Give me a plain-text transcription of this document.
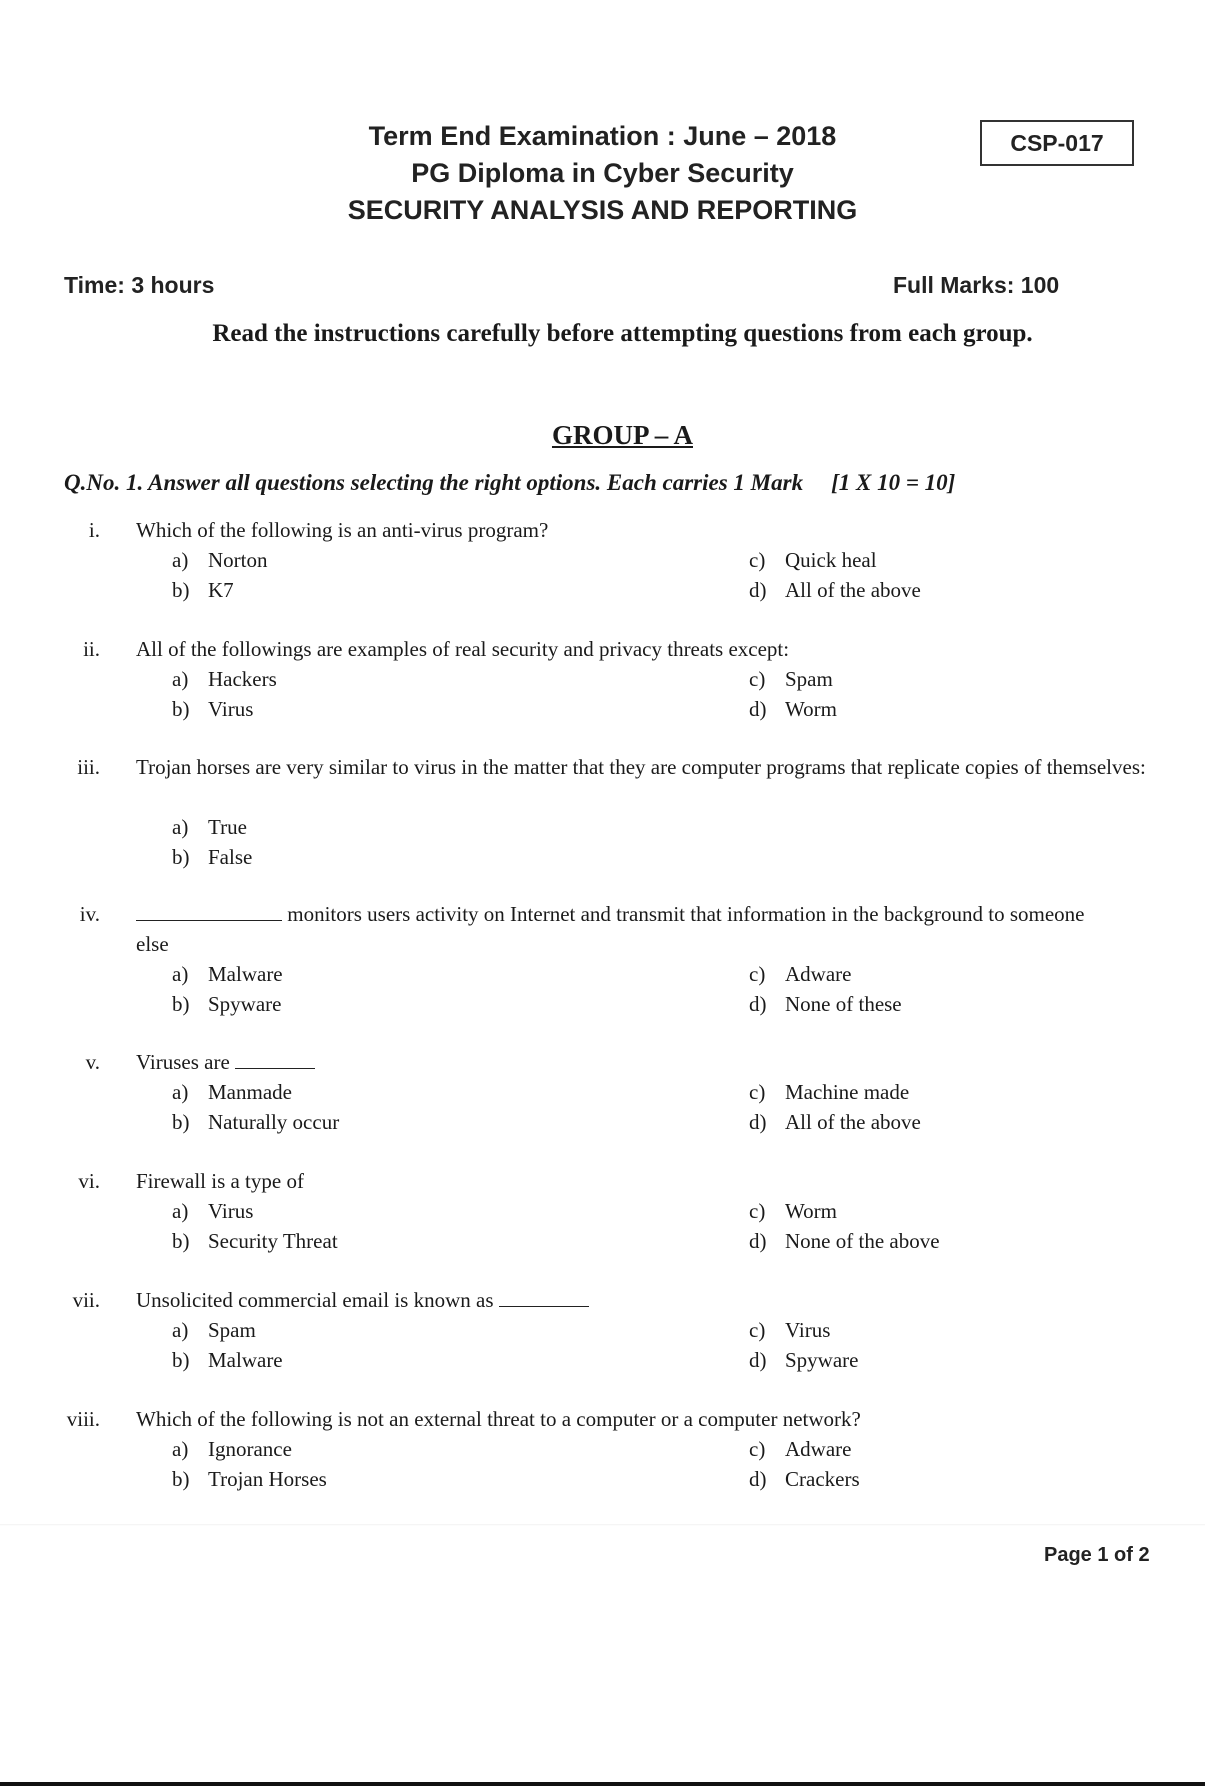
Term End Examination : June – 2018
PG Diploma in Cyber Security
SECURITY ANALYSIS AND REPORTING
CSP-017
Time: 3 hours	Full Marks: 100
Read the instructions carefully before attempting questions from each group.
GROUP – A
Q.No. 1. Answer all questions selecting the right options. Each carries 1 Mark [1 X 10 = 10]
i. Which of the following is an anti-virus program?
a) Norton
b) K7
c) Quick heal
d) All of the above
ii. All of the followings are examples of real security and privacy threats except:
a) Hackers
b) Virus
c) Spam
d) Worm
iii. Trojan horses are very similar to virus in the matter that they are computer programs that replicate copies of themselves:
a) True
b) False
iv.	monitors users activity on Internet and transmit that information in the background to someone
else
a) Malware
b) Spyware
c) Adware
d) None of these
v. Viruses are
a) Manmade
b) Naturally occur
c) Machine made
d) All of the above
vi. Firewall is a type of
a) Virus
b) Security Threat
c) Worm
d) None of the above
vii. Unsolicited commercial email is known as
a) Spam
b) Malware
c) Virus
d) Spyware
viii. Which of the following is not an external threat to a computer or a computer network?
a) Ignorance
b) Trojan Horses
c) Adware
d) Crackers
Page 1 of 2
